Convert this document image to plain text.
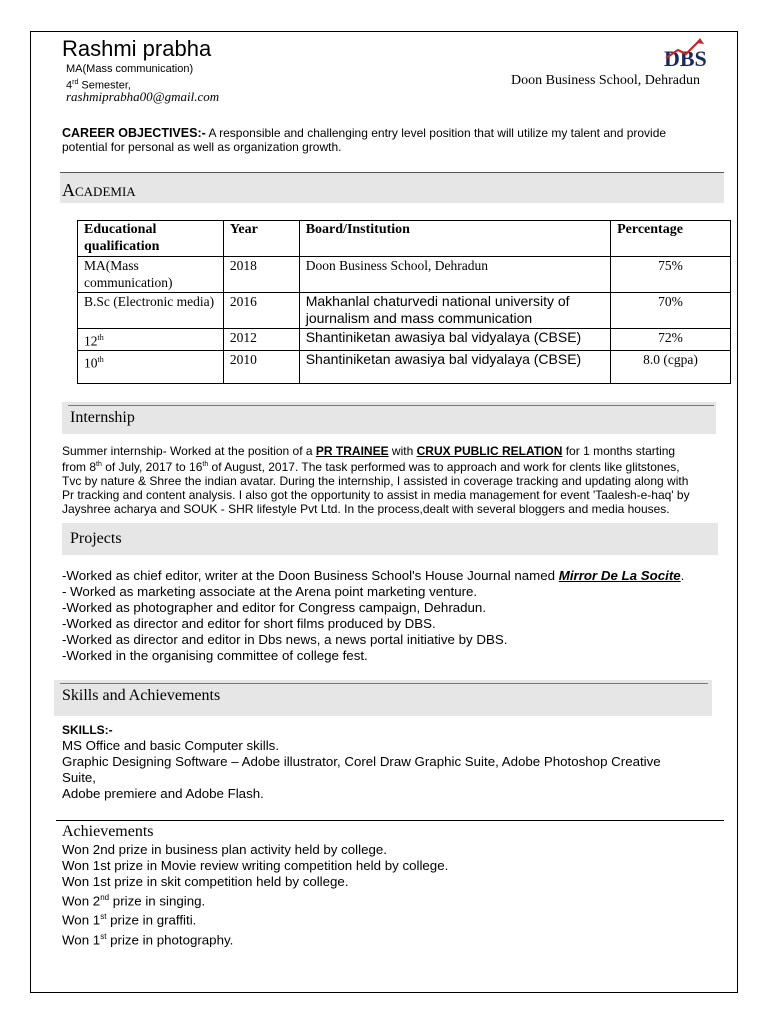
Rashmi prabha
MA(Mass communication)
4rd Semester,
rashmiprabha00@gmail.com
Doon Business School, Dehradun
DBS
CAREER OBJECTIVES:- A responsible and challenging entry level position that will utilize my talent and provide
potential for personal as well as organization growth.
Academia
Educational qualification	Year	Board/Institution	Percentage
MA(Mass communication)	2018	Doon Business School, Dehradun	75%
B.Sc (Electronic media)	2016	Makhanlal chaturvedi national university of journalism and mass communication	70%
12th	2012	Shantiniketan awasiya bal vidyalaya (CBSE)	72%
10th	2010	Shantiniketan awasiya bal vidyalaya (CBSE)	8.0 (cgpa)
Internship
Summer internship- Worked at the position of a PR TRAINEE with CRUX PUBLIC RELATION for 1 months starting
from 8th of July, 2017 to 16th of August, 2017. The task performed was to approach and work for clents like glitstones,
Tvc by nature & Shree the indian avatar. During the internship, I assisted in coverage tracking and updating along with
Pr tracking and content analysis. I also got the opportunity to assist in media management for event 'Taalesh-e-haq' by
Jayshree acharya and SOUK - SHR lifestyle Pvt Ltd. In the process,dealt with several bloggers and media houses.
Projects
-Worked as chief editor, writer at the Doon Business School's House Journal named Mirror De La Socite.
- Worked as marketing associate at the Arena point marketing venture.
-Worked as photographer and editor for Congress campaign, Dehradun.
-Worked as director and editor for short films produced by DBS.
-Worked as director and editor in Dbs news, a news portal initiative by DBS.
-Worked in the organising committee of college fest.
Skills and Achievements
SKILLS:-
MS Office and basic Computer skills.
Graphic Designing Software – Adobe illustrator, Corel Draw Graphic Suite, Adobe Photoshop Creative
Suite,
Adobe premiere and Adobe Flash.
Achievements
Won 2nd prize in business plan activity held by college.
Won 1st prize in Movie review writing competition held by college.
Won 1st prize in skit competition held by college.
Won 2nd prize in singing.
Won 1st prize in graffiti.
Won 1st prize in photography.
